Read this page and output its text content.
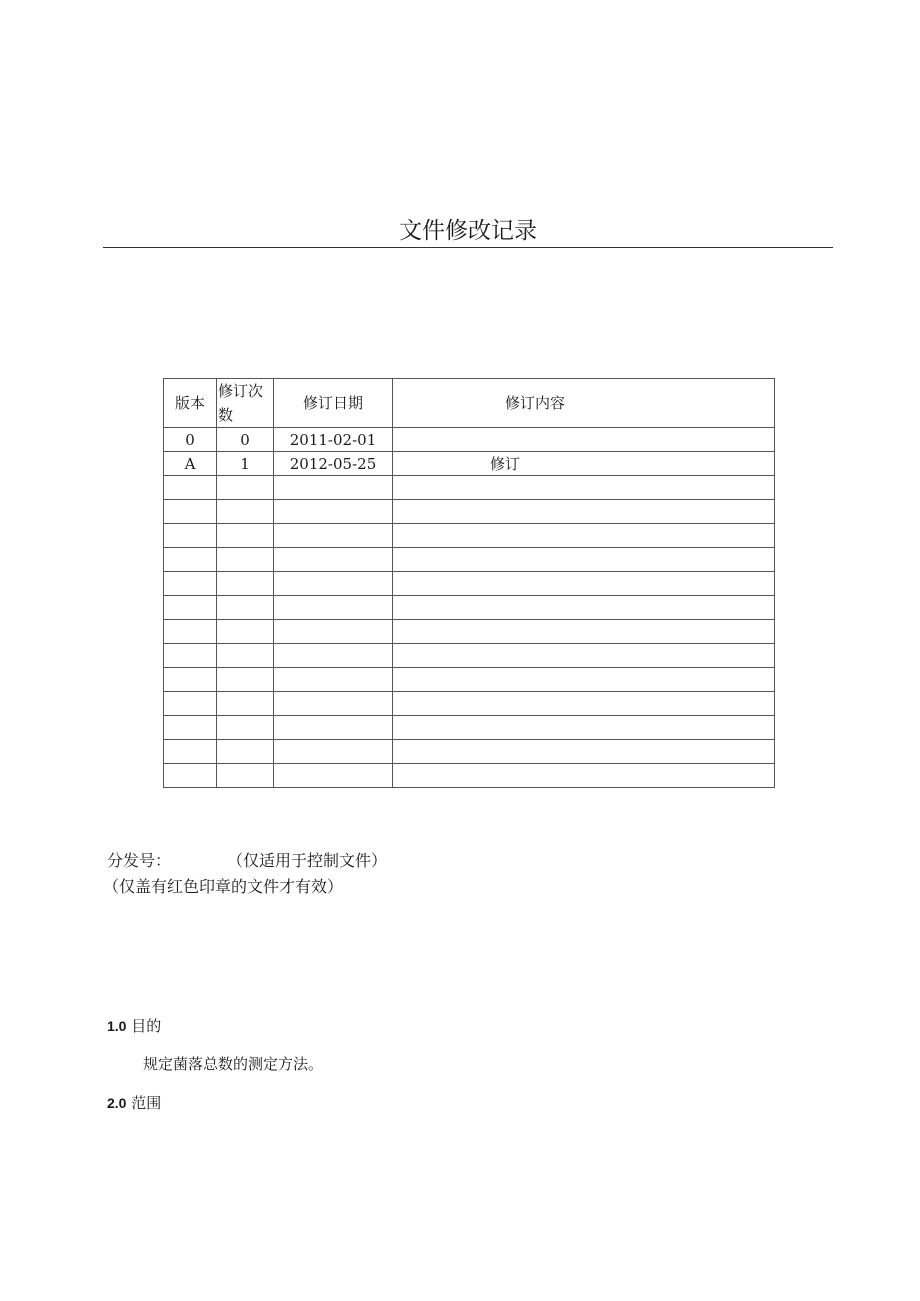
文件修改记录
版本	修订次数	修订日期	修订内容
0	0	2011-02-01	
A	1	2012-05-25	修订

分发号：	（仅适用于控制文件）
（仅盖有红色印章的文件才有效）
1.0 目的
规定菌落总数的测定方法。
2.0 范围
